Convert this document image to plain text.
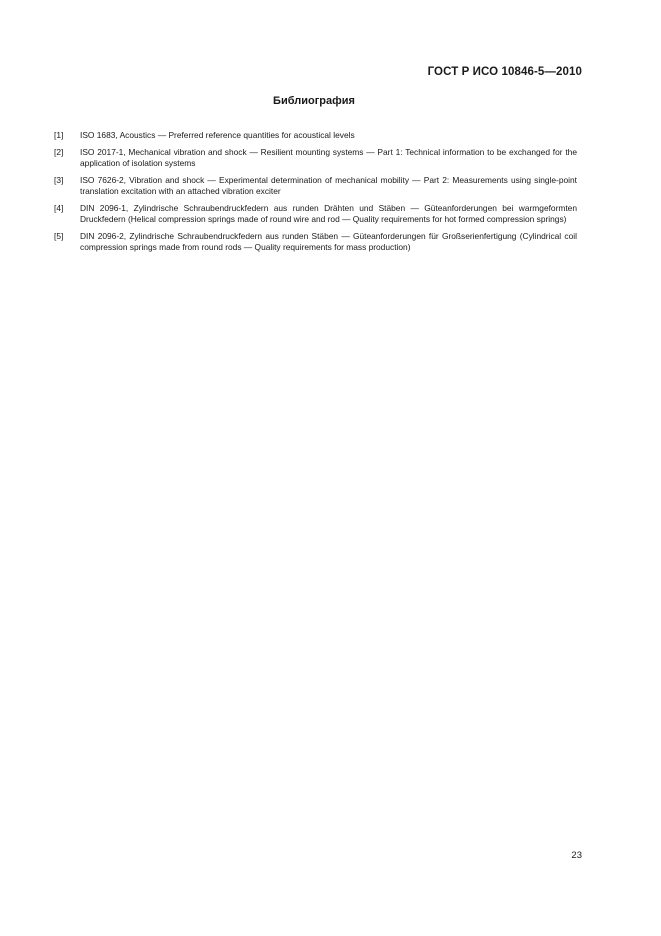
ГОСТ Р ИСО 10846-5—2010
Библиография
[1]	ISO 1683, Acoustics — Preferred reference quantities for acoustical levels
[2]	ISO 2017-1, Mechanical vibration and shock — Resilient mounting systems — Part 1: Technical information to be exchanged for the application of isolation systems
[3]	ISO 7626-2, Vibration and shock — Experimental determination of mechanical mobility — Part 2: Measurements using single-point translation excitation with an attached vibration exciter
[4]	DIN 2096-1, Zylindrische Schraubendruckfedern aus runden Drähten und Stäben — Güteanforderungen bei warmgeformten Druckfedern (Helical compression springs made of round wire and rod — Quality requirements for hot formed compression springs)
[5]	DIN 2096-2, Zylindrische Schraubendruckfedern aus runden Stäben — Güteanforderungen für Großserienfertigung (Cylindrical coil compression springs made from round rods — Quality requirements for mass production)
23
